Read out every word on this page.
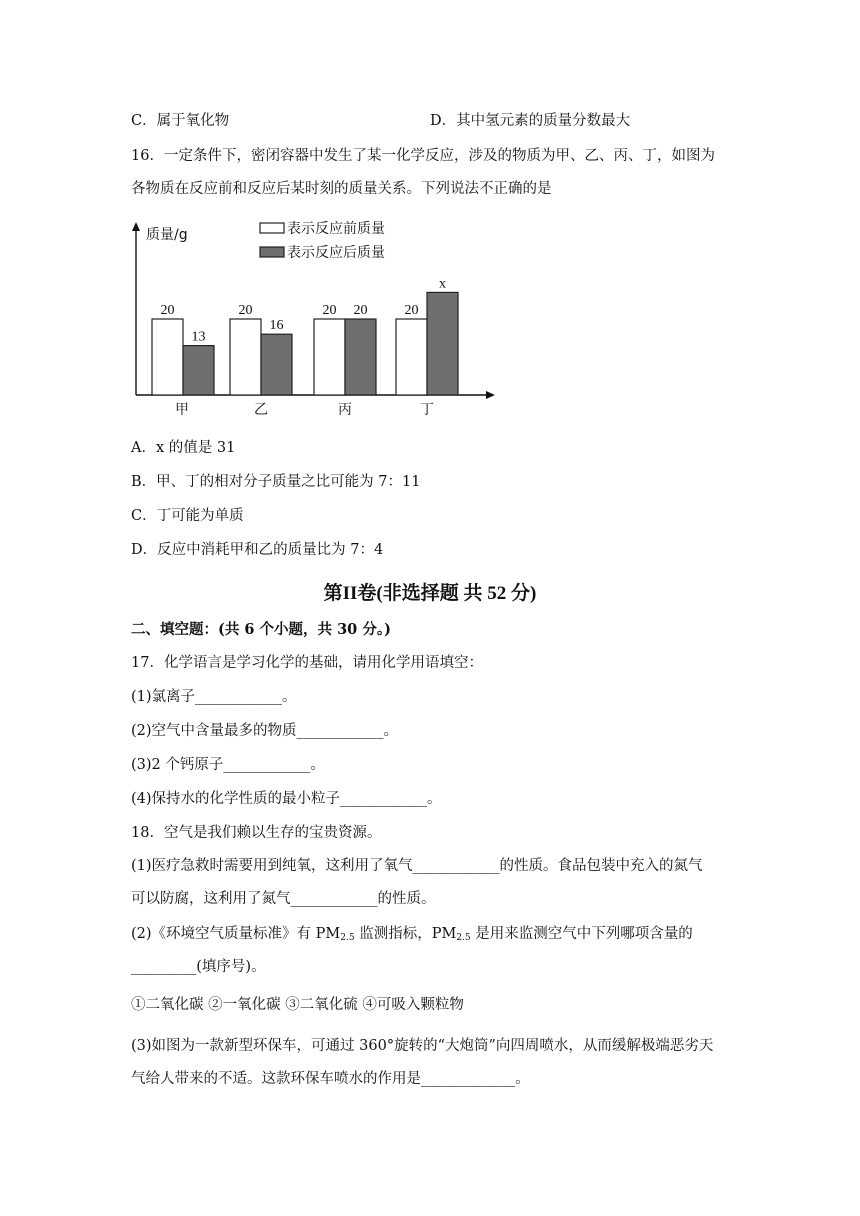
C．属于氧化物	D．其中氢元素的质量分数最大
16．一定条件下，密闭容器中发生了某一化学反应，涉及的物质为甲、乙、丙、丁，如图为
各物质在反应前和反应后某时刻的质量关系。下列说法不正确的是
质量/g	表示反应前质量
表示反应后质量
20
13
甲
20
16
乙
20 20
丙
20
x
丁
A．x 的值是 31
B．甲、丁的相对分子质量之比可能为 7：11
C．丁可能为单质
D．反应中消耗甲和乙的质量比为 7：4
第II卷(非选择题 共 52 分)
二、填空题：(共 6 个小题，共 30 分。)
17．化学语言是学习化学的基础，请用化学用语填空：
(1)氯离子____________。
(2)空气中含量最多的物质____________。
(3)2 个钙原子____________。
(4)保持水的化学性质的最小粒子____________。
18．空气是我们赖以生存的宝贵资源。
(1)医疗急救时需要用到纯氧，这利用了氧气____________的性质。食品包装中充入的氮气
可以防腐，这利用了氮气____________的性质。
(2)《环境空气质量标准》有 $PM_{2.5}$ 监测指标，$PM_{2.5}$ 是用来监测空气中下列哪项含量的
_________(填序号)。
①二氧化碳 ②一氧化碳 ③二氧化硫 ④可吸入颗粒物
(3)如图为一款新型环保车，可通过 360°旋转的“大炮筒”向四周喷水，从而缓解极端恶劣天
气给人带来的不适。这款环保车喷水的作用是_____________。
